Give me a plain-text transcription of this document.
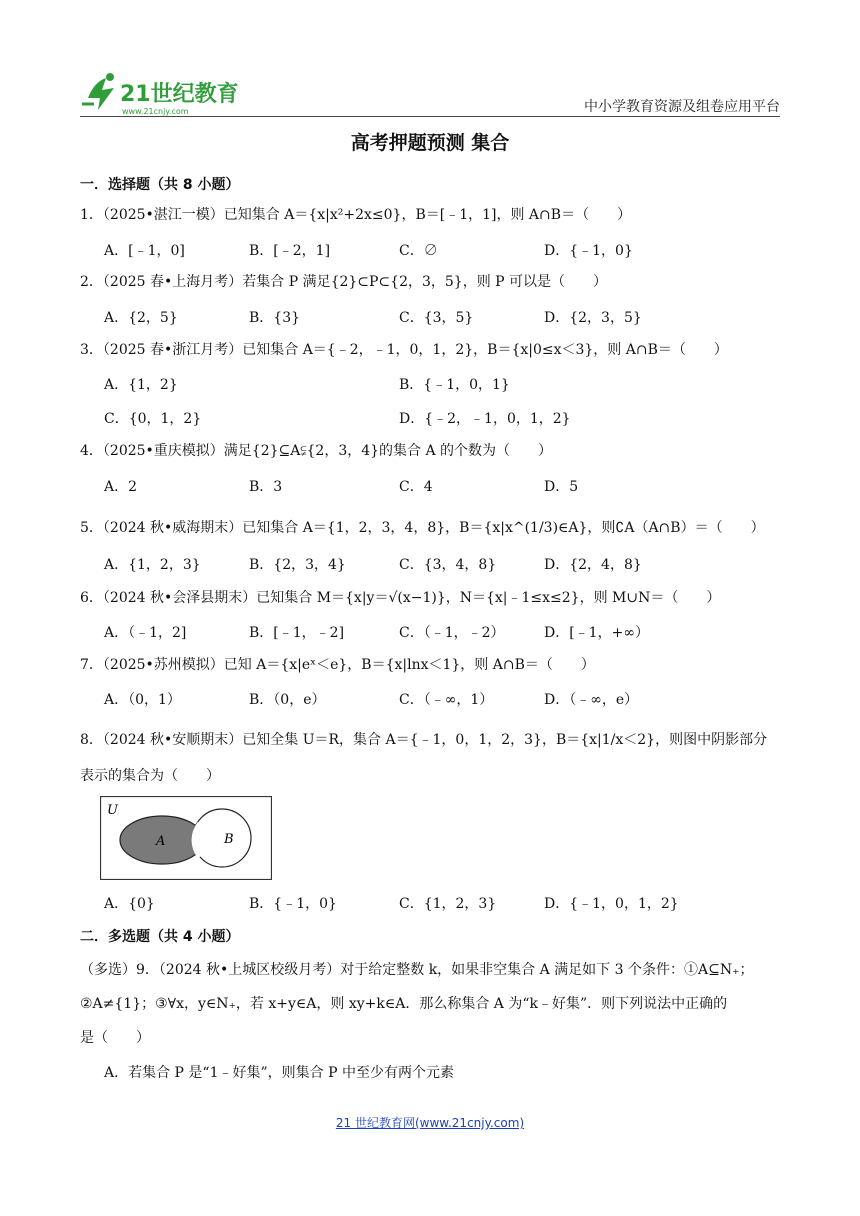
21世纪教育
www.21cnjy.com	中小学教育资源及组卷应用平台
高考押题预测 集合
一．选择题（共 8 小题）
1．（2025•湛江一模）已知集合 A＝{x|x²+2x≤0}，B＝[﹣1，1]，则 A∩B＝（　　）
A．[﹣1，0]	B．[﹣2，1]	C．∅	D．{﹣1，0}
2．（2025 春•上海月考）若集合 P 满足{2}⊂P⊂{2，3，5}，则 P 可以是（　　）
A．{2，5}	B．{3}	C．{3，5}	D．{2，3，5}
3．（2025 春•浙江月考）已知集合 A＝{﹣2，﹣1，0，1，2}，B＝{x|0≤x＜3}，则 A∩B＝（　　）
A．{1，2}	B．{﹣1，0，1}
C．{0，1，2}	D．{﹣2，﹣1，0，1，2}
4．（2025•重庆模拟）满足{2}⊆A⫋{2，3，4}的集合 A 的个数为（　　）
A．2	B．3	C．4	D．5
5．（2024 秋•威海期末）已知集合 A＝{1，2，3，4，8}，B＝{x|x^(1/3)∈A}，则∁A（A∩B）＝（　　）
A．{1，2，3}	B．{2，3，4}	C．{3，4，8}	D．{2，4，8}
6．（2024 秋•会泽县期末）已知集合 M＝{x|y＝√(x−1)}，N＝{x|﹣1≤x≤2}，则 M∪N＝（　　）
A．（﹣1，2]	B．[﹣1，﹣2]	C．（﹣1，﹣2）	D．[﹣1，+∞）
7．（2025•苏州模拟）已知 A＝{x|eˣ＜e}，B＝{x|lnx＜1}，则 A∩B＝（　　）
A．（0，1）	B．（0，e）	C．（﹣∞，1）	D．（﹣∞，e）
8．（2024 秋•安顺期末）已知全集 U＝R，集合 A＝{﹣1，0，1，2，3}，B＝{x|1/x＜2}，则图中阴影部分
表示的集合为（　　）
U
A	B
A．{0}	B．{﹣1，0}	C．{1，2，3}	D．{﹣1，0，1，2}
二．多选题（共 4 小题）
（多选）9．（2024 秋•上城区校级月考）对于给定整数 k，如果非空集合 A 满足如下 3 个条件：①A⊆N₊；
②A≠{1}；③∀x，y∈N₊，若 x+y∈A，则 xy+k∈A．那么称集合 A 为“k﹣好集”．则下列说法中正确的
是（　　）
A．若集合 P 是“1﹣好集”，则集合 P 中至少有两个元素
21 世纪教育网(www.21cnjy.com)
